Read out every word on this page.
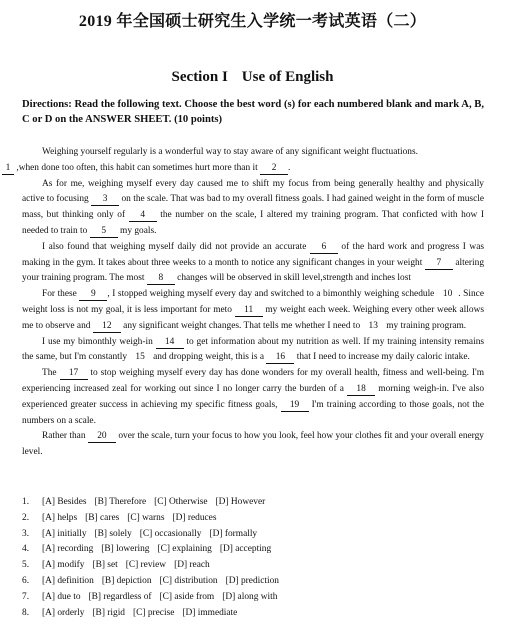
2019 年全国硕士研究生入学统一考试英语（二）
Section I Use of English
Directions: Read the following text. Choose the best word (s) for each numbered blank and mark A, B, C or D on the ANSWER SHEET. (10 points)

Weighing yourself regularly is a wonderful way to stay aware of any significant weight fluctuations.
1 ,when done too often, this habit can sometimes hurt more than it 2 .

As for me, weighing myself every day caused me to shift my focus from being generally healthy and physically active to focusing 3 on the scale. That was bad to my overall fitness goals. I had gained weight in the form of muscle mass, but thinking only of 4 the number on the scale, I altered my training program. That conficted with how I needed to train to 5 my goals.

I also found that weighing myself daily did not provide an accurate 6 of the hard work and progress I was making in the gym. It takes about three weeks to a month to notice any significant changes in your weight 7 altering your training program. The most 8 changes will be observed in skill level,strength and inches lost

For these 9 , I stopped weighing myself every day and switched to a bimonthly weighing schedule 10 . Since weight loss is not my goal, it is less important for meto 11 my weight each week. Weighing every other week allows me to observe and 12 any significant weight changes. That tells me whether I need to 13 my training program.

I use my bimonthly weigh-in 14 to get information about my nutrition as well. If my training intensity remains the same, but I'm constantly 15 and dropping weight, this is a 16 that I need to increase my daily caloric intake.

The 17 to stop weighing myself every day has done wonders for my overall health, fitness and well-being. I'm experiencing increased zeal for working out since I no longer carry the burden of a 18 morning weigh-in. I've also experienced greater success in achieving my specific fitness goals, 19 I'm training according to those goals, not the numbers on a scale.

Rather than 20 over the scale, turn your focus to how you look, feel how your clothes fit and your overall energy level.

1.	[A] Besides [B] Therefore [C] Otherwise [D] However
2.	[A] helps [B] cares [C] warns [D] reduces
3.	[A] initially [B] solely [C] occasionally [D] formally
4.	[A] recording [B] lowering [C] explaining [D] accepting
5.	[A] modify [B] set [C] review [D] reach
6.	[A] definition [B] depiction [C] distribution [D] prediction
7.	[A] due to [B] regardless of [C] aside from [D] along with
8.	[A] orderly [B] rigid [C] precise [D] immediate
